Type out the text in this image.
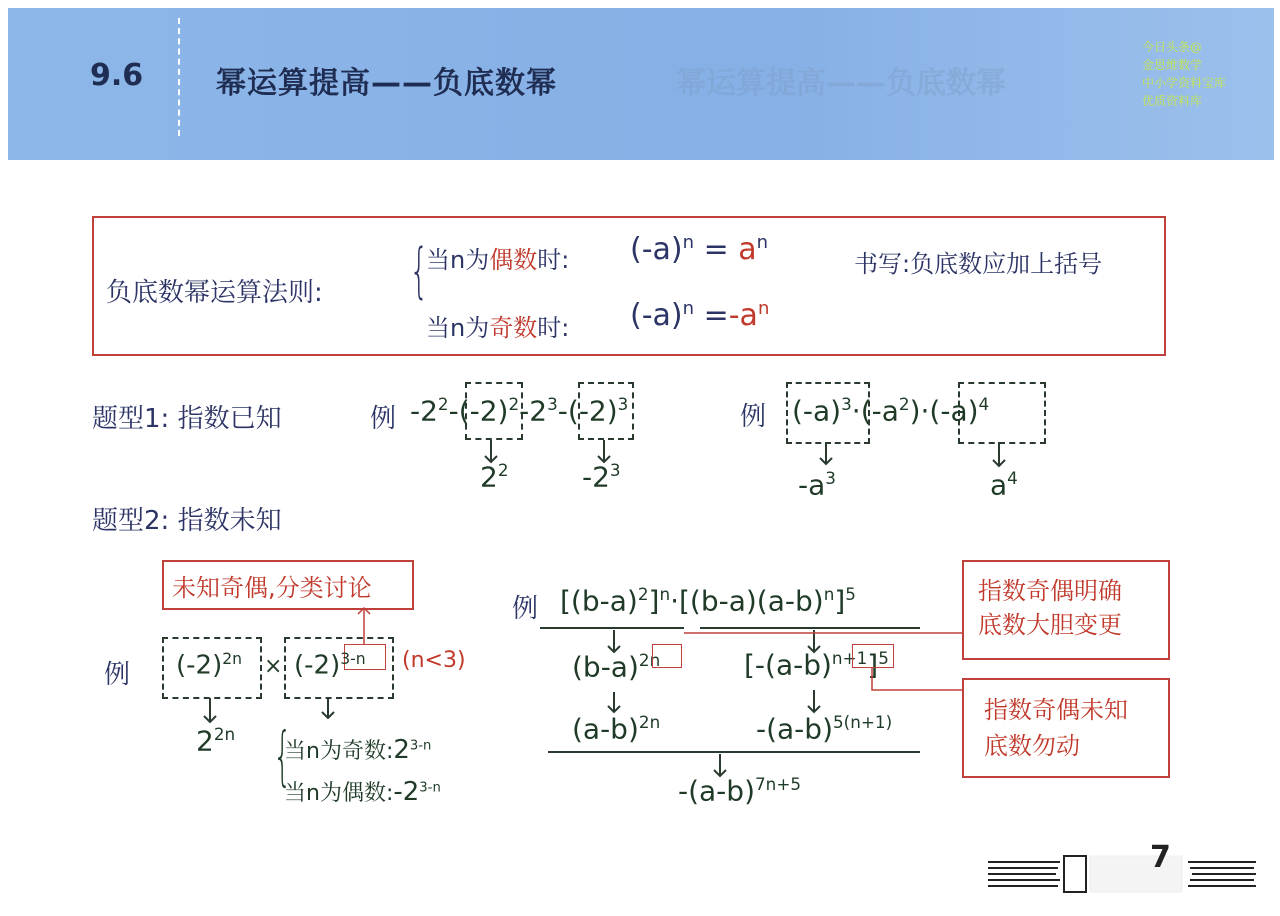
9.6 幂运算提高——负底数幂	幂运算提高——负底数幂
今日头条@
金思维数学
中小学资料宝库
优质资料库
负底数幂运算法则: {
当n为偶数时: $(-a)^n = a^n$
书写:负底数应加上括号
当n为奇数时: $(-a)^n =-a^n$
题型1: 指数已知	例 $-2^2-(-2)^2-2^3-(-2)^3$
$2^2$	$-2^3$
例 $(-a)^3\cdot(-a^2)\cdot(-a)^4$
$-a^3$	$a^4$
题型2: 指数未知
未知奇偶,分类讨论
例 $(-2)^{2n} \times (-2)^{3-n}$ (n<3)
$2^{2n}$ {
当n为奇数:2$^{3-n}$
当n为偶数:-2$^{3-n}$
例 $[(b-a)^2]^n\cdot[(b-a)(a-b)^n]^5$
$(b-a)^{2n}$	$[-(a-b)^{n+1}]^5$
$(a-b)^{2n}$	$-(a-b)^{5(n+1)}$
$-(a-b)^{7n+5}$
指数奇偶明确
底数大胆变更
指数奇偶未知
底数勿动
7
